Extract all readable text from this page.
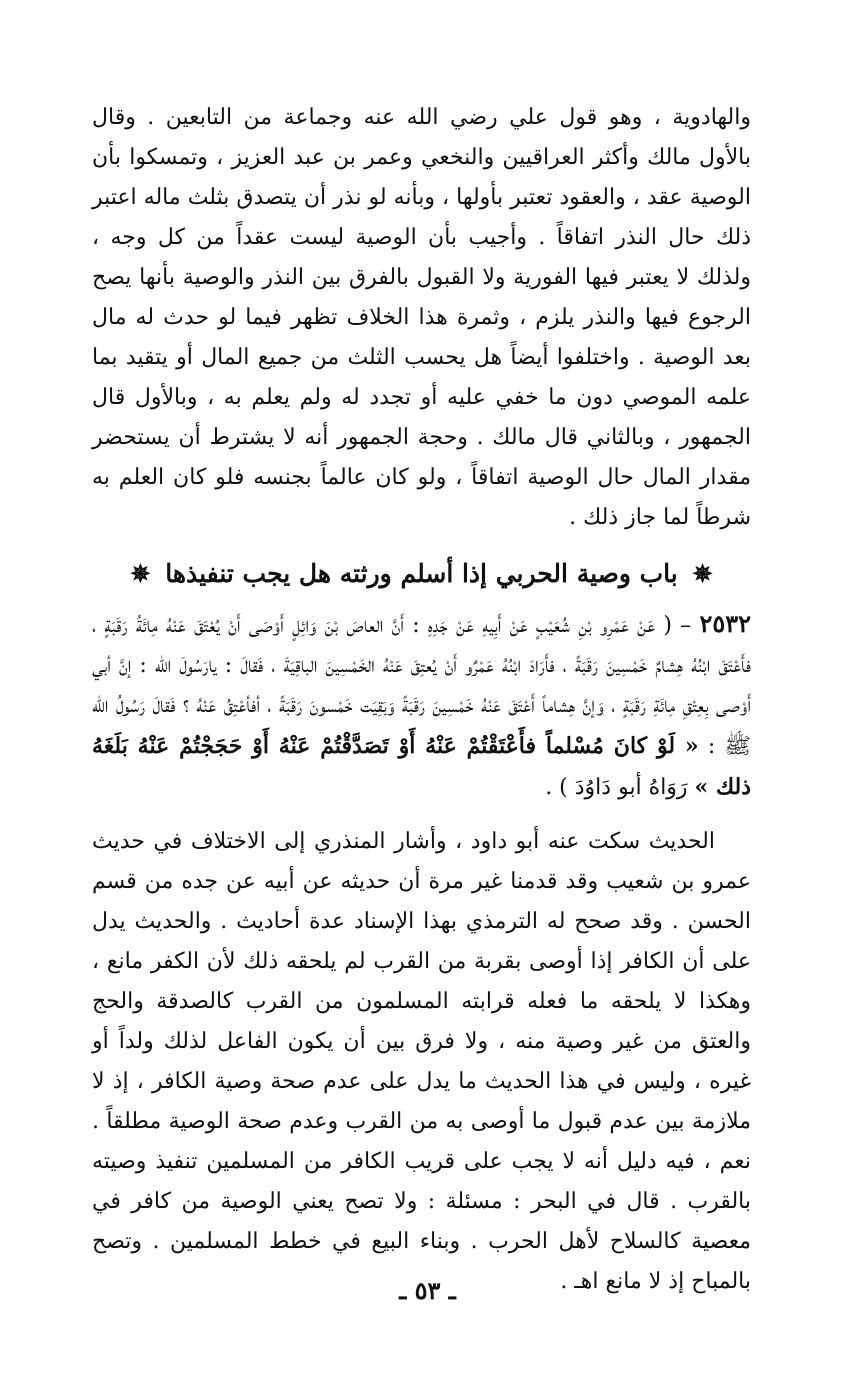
والهادوية ، وهو قول علي رضي الله عنه وجماعة من التابعين . وقال بالأول مالك وأكثر العراقيين والنخعي وعمر بن عبد العزيز ، وتمسكوا بأن الوصية عقد ، والعقود تعتبر بأولها ، وبأنه لو نذر أن يتصدق بثلث ماله اعتبر ذلك حال النذر اتفاقاً . وأجيب بأن الوصية ليست عقداً من كل وجه ، ولذلك لا يعتبر فيها الفورية ولا القبول بالفرق بين النذر والوصية بأنها يصح الرجوع فيها والنذر يلزم ، وثمرة هذا الخلاف تظهر فيما لو حدث له مال بعد الوصية . واختلفوا أيضاً هل يحسب الثلث من جميع المال أو يتقيد بما علمه الموصي دون ما خفي عليه أو تجدد له ولم يعلم به ، وبالأول قال الجمهور ، وبالثاني قال مالك . وحجة الجمهور أنه لا يشترط أن يستحضر مقدار المال حال الوصية اتفاقاً ، ولو كان عالماً بجنسه فلو كان العلم به شرطاً لما جاز ذلك .

✵ باب وصية الحربي إذا أسلم ورثته هل يجب تنفيذها ✵

٢٥٣٢ – ( عَنْ عَمْرِو بْنِ شُعَيْبٍ عَنْ أَبِيهِ عَنْ جَدِهِ : أَنَّ العاصَ بْنَ وَائِلٍ أَوْصَى أَنْ يُعْتَقَ عَنْهُ مِائَةُ رَقَبَةٍ ، فأَعْتَقَ ابْنُهُ هِشامٌ خَمْسِينَ رَقَبَةً ، فأَرَادَ ابْنُهُ عَمْرٌو أَنْ يُعتِقَ عَنْهُ الخَمْسِينَ الباقِيَةَ ، فَقالَ : يارَسُولَ الله : إنَّ أبي أَوْصى بِعِتْقِ مِائَةِ رَقَبَةٍ ، وَإنَّ هِشاماً أَعْتَقَ عَنْهُ خَمْسِينَ رَقَبَةً وَبَقِيَت خَمْسونَ رَقَبَةً ، أفأعْتِقُ عَنْهُ ؟ فَقالَ رَسُولُ الله ﷺ : « لَوْ كانَ مُسْلماً فأَعْتَقْتُمْ عَنْهُ أَوْ تَصَدَّقْتُمْ عَنْهُ أَوْ حَجَجْتُمْ عَنْهُ بَلَغَهُ ذلك » رَوَاهُ أبو دَاوُدَ ) .

الحديث سكت عنه أبو داود ، وأشار المنذري إلى الاختلاف في حديث عمرو بن شعيب وقد قدمنا غير مرة أن حديثه عن أبيه عن جده من قسم الحسن . وقد صحح له الترمذي بهذا الإسناد عدة أحاديث . والحديث يدل على أن الكافر إذا أوصى بقربة من القرب لم يلحقه ذلك لأن الكفر مانع ، وهكذا لا يلحقه ما فعله قرابته المسلمون من القرب كالصدقة والحج والعتق من غير وصية منه ، ولا فرق بين أن يكون الفاعل لذلك ولداً أو غيره ، وليس في هذا الحديث ما يدل على عدم صحة وصية الكافر ، إذ لا ملازمة بين عدم قبول ما أوصى به من القرب وعدم صحة الوصية مطلقاً . نعم ، فيه دليل أنه لا يجب على قريب الكافر من المسلمين تنفيذ وصيته بالقرب . قال في البحر : مسئلة : ولا تصح يعني الوصية من كافر في معصية كالسلاح لأهل الحرب . وبناء البيع في خطط المسلمين . وتصح بالمباح إذ لا مانع اهـ .

ـ ٥٣ ـ
